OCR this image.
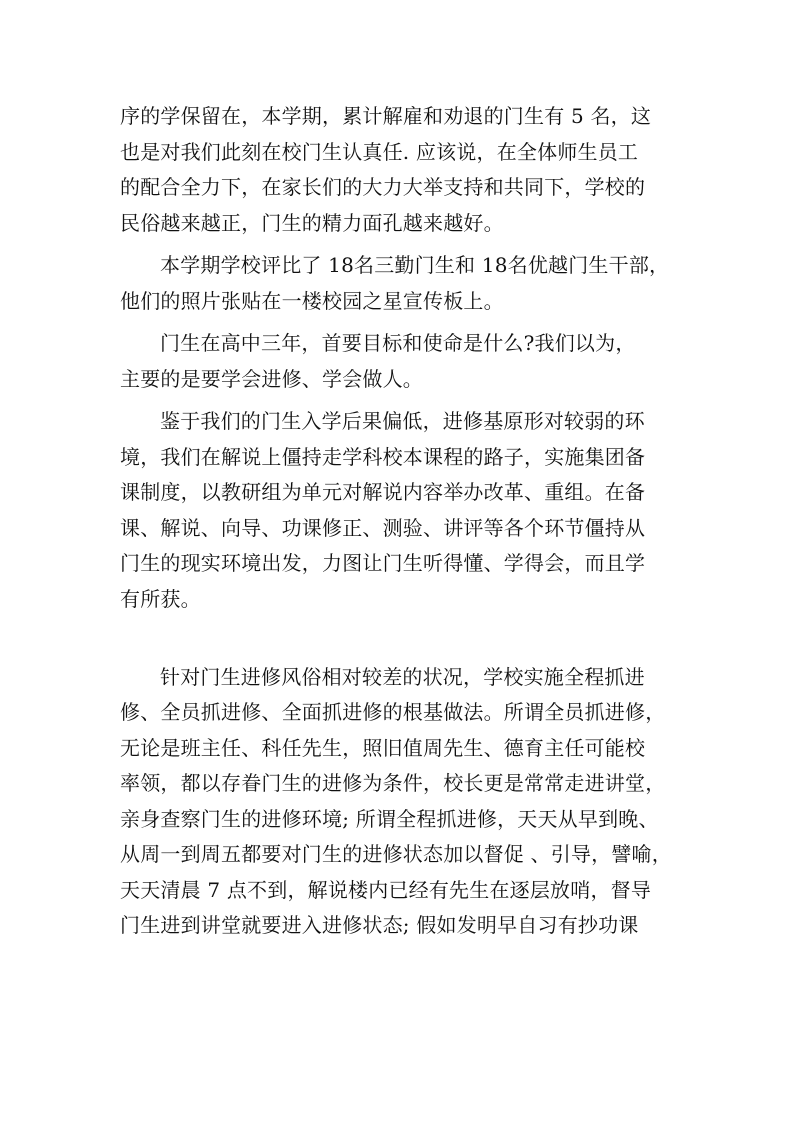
序的学保留在，本学期，累计解雇和劝退的门生有 5 名，这
也是对我们此刻在校门生认真任. 应该说，在全体师生员工
的配合全力下，在家长们的大力大举支持和共同下，学校的
民俗越来越正，门生的精力面孔越来越好。
本学期学校评比了 18名三勤门生和 18名优越门生干部，
他们的照片张贴在一楼校园之星宣传板上。
门生在高中三年，首要目标和使命是什么?我们以为，
主要的是要学会进修、学会做人。
鉴于我们的门生入学后果偏低，进修基原形对较弱的环
境，我们在解说上僵持走学科校本课程的路子，实施集团备
课制度，以教研组为单元对解说内容举办改革、重组。在备
课、解说、向导、功课修正、测验、讲评等各个环节僵持从
门生的现实环境出发，力图让门生听得懂、学得会，而且学
有所获。
针对门生进修风俗相对较差的状况，学校实施全程抓进
修、全员抓进修、全面抓进修的根基做法。所谓全员抓进修，
无论是班主任、科任先生，照旧值周先生、德育主任可能校
率领，都以存眷门生的进修为条件，校长更是常常走进讲堂，
亲身查察门生的进修环境; 所谓全程抓进修，天天从早到晚、
从周一到周五都要对门生的进修状态加以督促 、引导，譬喻，
天天清晨 7 点不到，解说楼内已经有先生在逐层放哨，督导
门生进到讲堂就要进入进修状态; 假如发明早自习有抄功课
